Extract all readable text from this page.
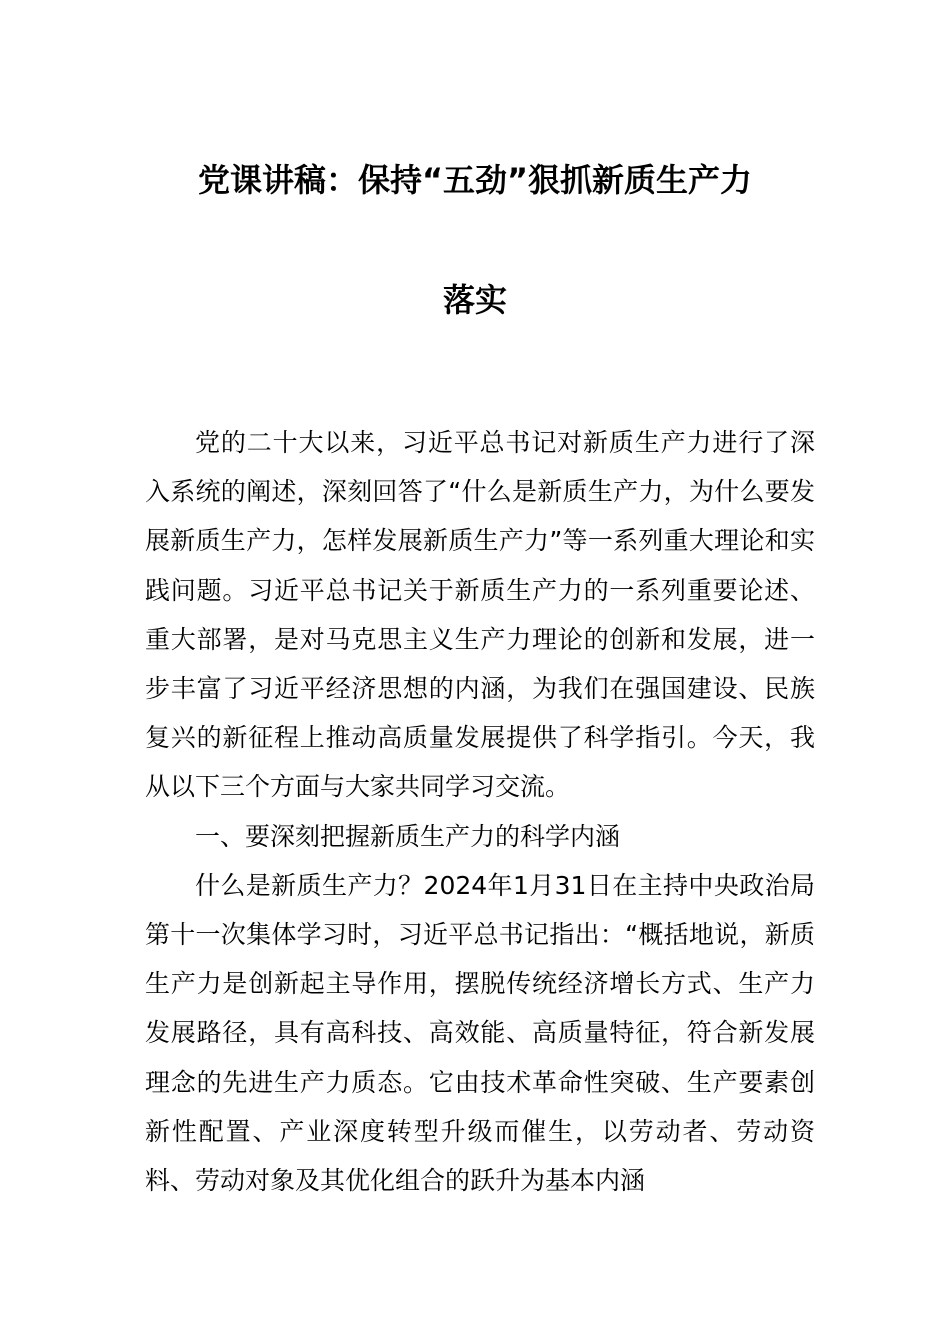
党课讲稿：保持“五劲”狠抓新质生产力
落实

党的二十大以来，习近平总书记对新质生产力进行了深入系统的阐述，深刻回答了“什么是新质生产力，为什么要发展新质生产力，怎样发展新质生产力”等一系列重大理论和实践问题。习近平总书记关于新质生产力的一系列重要论述、重大部署，是对马克思主义生产力理论的创新和发展，进一步丰富了习近平经济思想的内涵，为我们在强国建设、民族复兴的新征程上推动高质量发展提供了科学指引。今天，我从以下三个方面与大家共同学习交流。

一、要深刻把握新质生产力的科学内涵

什么是新质生产力？2024年1月31日在主持中央政治局第十一次集体学习时，习近平总书记指出：“概括地说，新质生产力是创新起主导作用，摆脱传统经济增长方式、生产力发展路径，具有高科技、高效能、高质量特征，符合新发展理念的先进生产力质态。它由技术革命性突破、生产要素创新性配置、产业深度转型升级而催生，以劳动者、劳动资料、劳动对象及其优化组合的跃升为基本内涵
